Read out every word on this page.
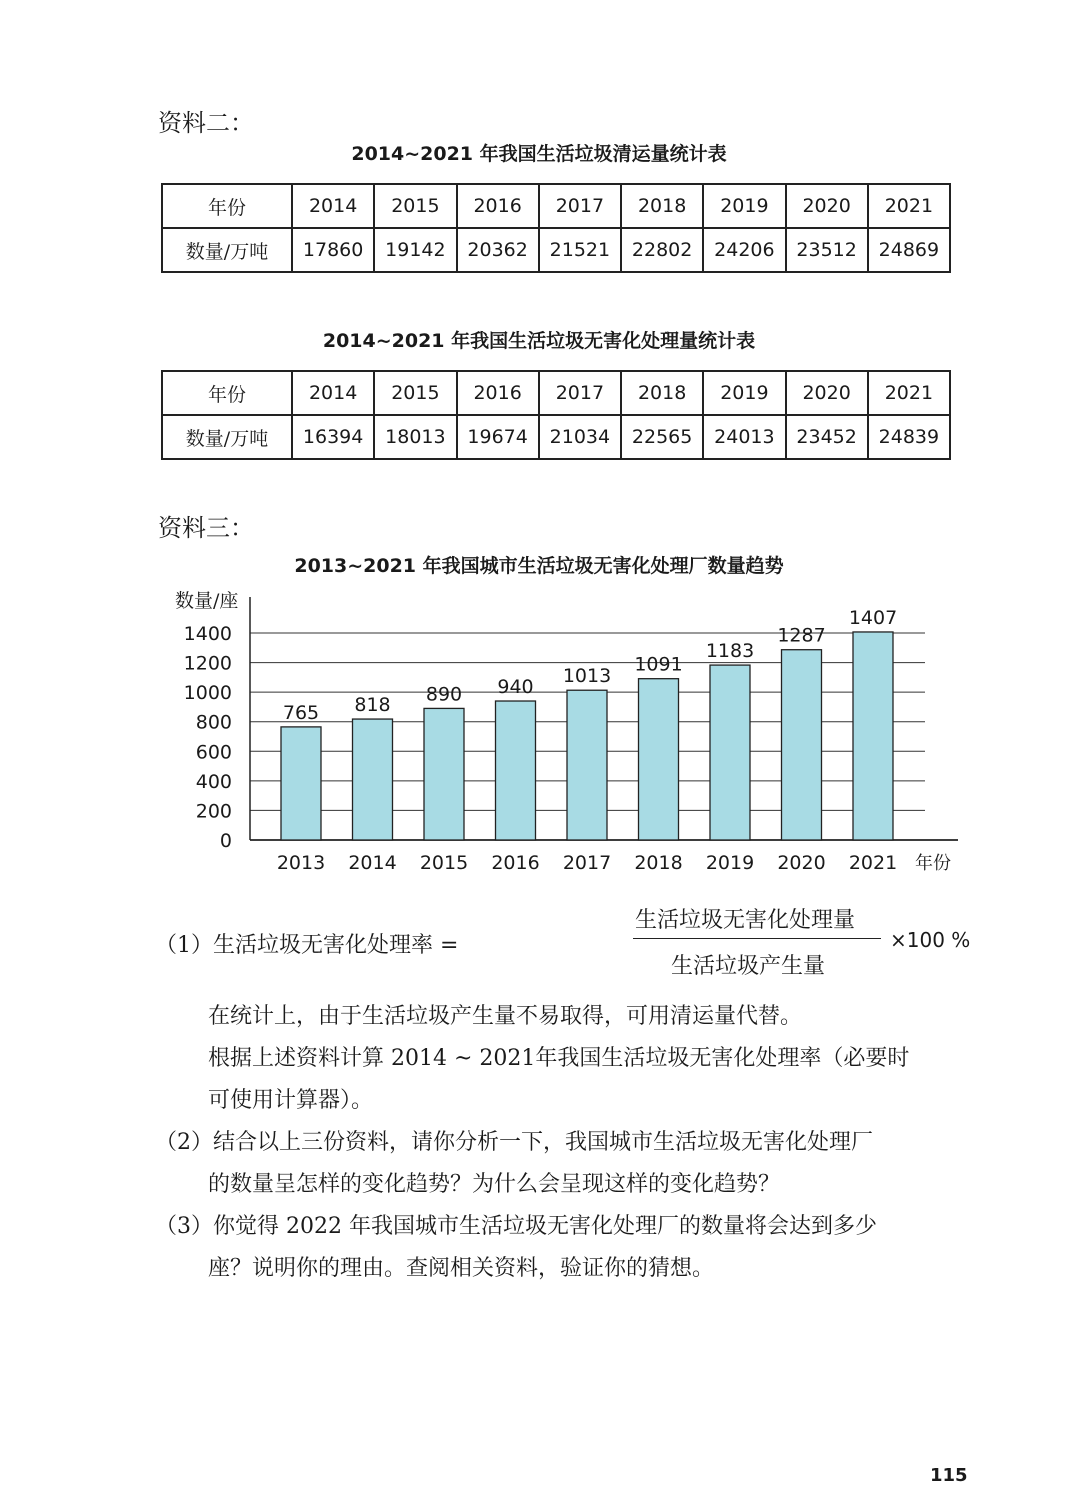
资料二：
2014~2021 年我国生活垃圾清运量统计表
年份	2014	2015	2016	2017	2018	2019	2020	2021
数量/万吨	17860	19142	20362	21521	22802	24206	23512	24869
2014~2021 年我国生活垃圾无害化处理量统计表
年份	2014	2015	2016	2017	2018	2019	2020	2021
数量/万吨	16394	18013	19674	21034	22565	24013	23452	24839
资料三：
2013~2021 年我国城市生活垃圾无害化处理厂数量趋势
数量/座
0
200
400
600
800
1000
1200
1400
765
2013
818
2014
890
2015
940
2016
1013
2017
1091
2018
1183
2019
1287
2020
1407
2021 年份
（1）生活垃圾无害化处理率 =
生活垃圾无害化处理量
生活垃圾产生量
×100 %
在统计上，由于生活垃圾产生量不易取得，可用清运量代替。
根据上述资料计算 2014 ~ 2021年我国生活垃圾无害化处理率（必要时
可使用计算器）。
（2）结合以上三份资料，请你分析一下，我国城市生活垃圾无害化处理厂
的数量呈怎样的变化趋势？为什么会呈现这样的变化趋势？
（3）你觉得 2022 年我国城市生活垃圾无害化处理厂的数量将会达到多少
座？说明你的理由。查阅相关资料，验证你的猜想。
115
